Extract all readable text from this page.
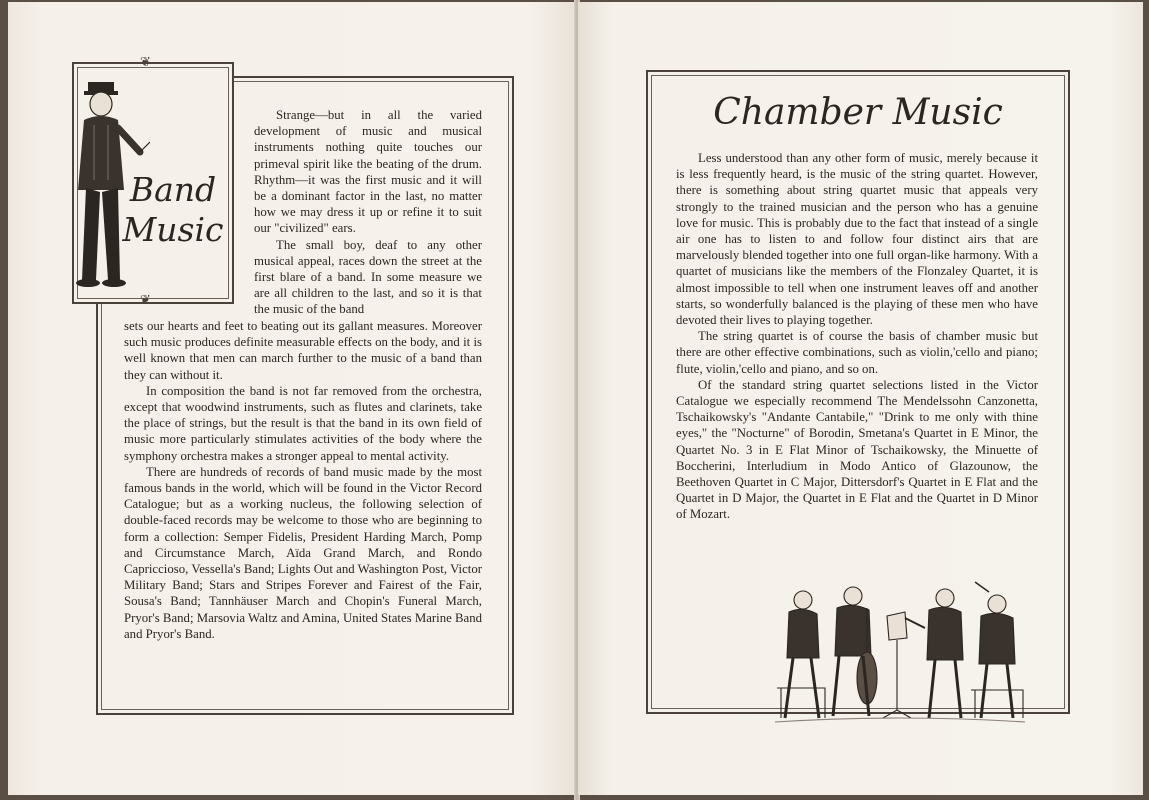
❦
❦
Band
Music

Strange—but in all the varied development of music and musical instruments nothing quite touches our primeval spirit like the beating of the drum. Rhythm—it was the first music and it will be a dominant factor in the last, no matter how we may dress it up or refine it to suit our "civilized" ears.

The small boy, deaf to any other musical appeal, races down the street at the first blare of a band. In some measure we are all children to the last, and so it is that the music of the band

sets our hearts and feet to beating out its gallant measures. Moreover such music produces definite measurable effects on the body, and it is well known that men can march further to the music of a band than they can without it.

In composition the band is not far removed from the orchestra, except that woodwind instruments, such as flutes and clarinets, take the place of strings, but the result is that the band in its own field of music more particularly stimulates activities of the body where the symphony orchestra makes a stronger appeal to mental activity.

There are hundreds of records of band music made by the most famous bands in the world, which will be found in the Victor Record Catalogue; but as a working nucleus, the following selection of double-faced records may be welcome to those who are beginning to form a collection: Semper Fidelis, President Harding March, Pomp and Circumstance March, Aïda Grand March, and Rondo Capriccioso, Vessella's Band; Lights Out and Washington Post, Victor Military Band; Stars and Stripes Forever and Fairest of the Fair, Sousa's Band; Tannhäuser March and Chopin's Funeral March, Pryor's Band; Marsovia Waltz and Amina, United States Marine Band and Pryor's Band.

Chamber Music

Less understood than any other form of music, merely because it is less frequently heard, is the music of the string quartet. However, there is something about string quartet music that appeals very strongly to the trained musician and the person who has a genuine love for music. This is probably due to the fact that instead of a single air one has to listen to and follow four distinct airs that are marvelously blended together into one full organ-like harmony. With a quartet of musicians like the members of the Flonzaley Quartet, it is almost impossible to tell when one instrument leaves off and another starts, so wonderfully balanced is the playing of these men who have devoted their lives to playing together.

The string quartet is of course the basis of chamber music but there are other effective combinations, such as violin,'cello and piano; flute, violin,'cello and piano, and so on.

Of the standard string quartet selections listed in the Victor Catalogue we especially recommend The Mendelssohn Canzonetta, Tschaikowsky's "Andante Cantabile," "Drink to me only with thine eyes," the "Nocturne" of Borodin, Smetana's Quartet in E Minor, the Quartet No. 3 in E Flat Minor of Tschaikowsky, the Minuette of Boccherini, Interludium in Modo Antico of Glazounow, the Beethoven Quartet in C Major, Dittersdorf's Quartet in E Flat and the Quartet in D Major, the Quartet in E Flat and the Quartet in D Minor of Mozart.
